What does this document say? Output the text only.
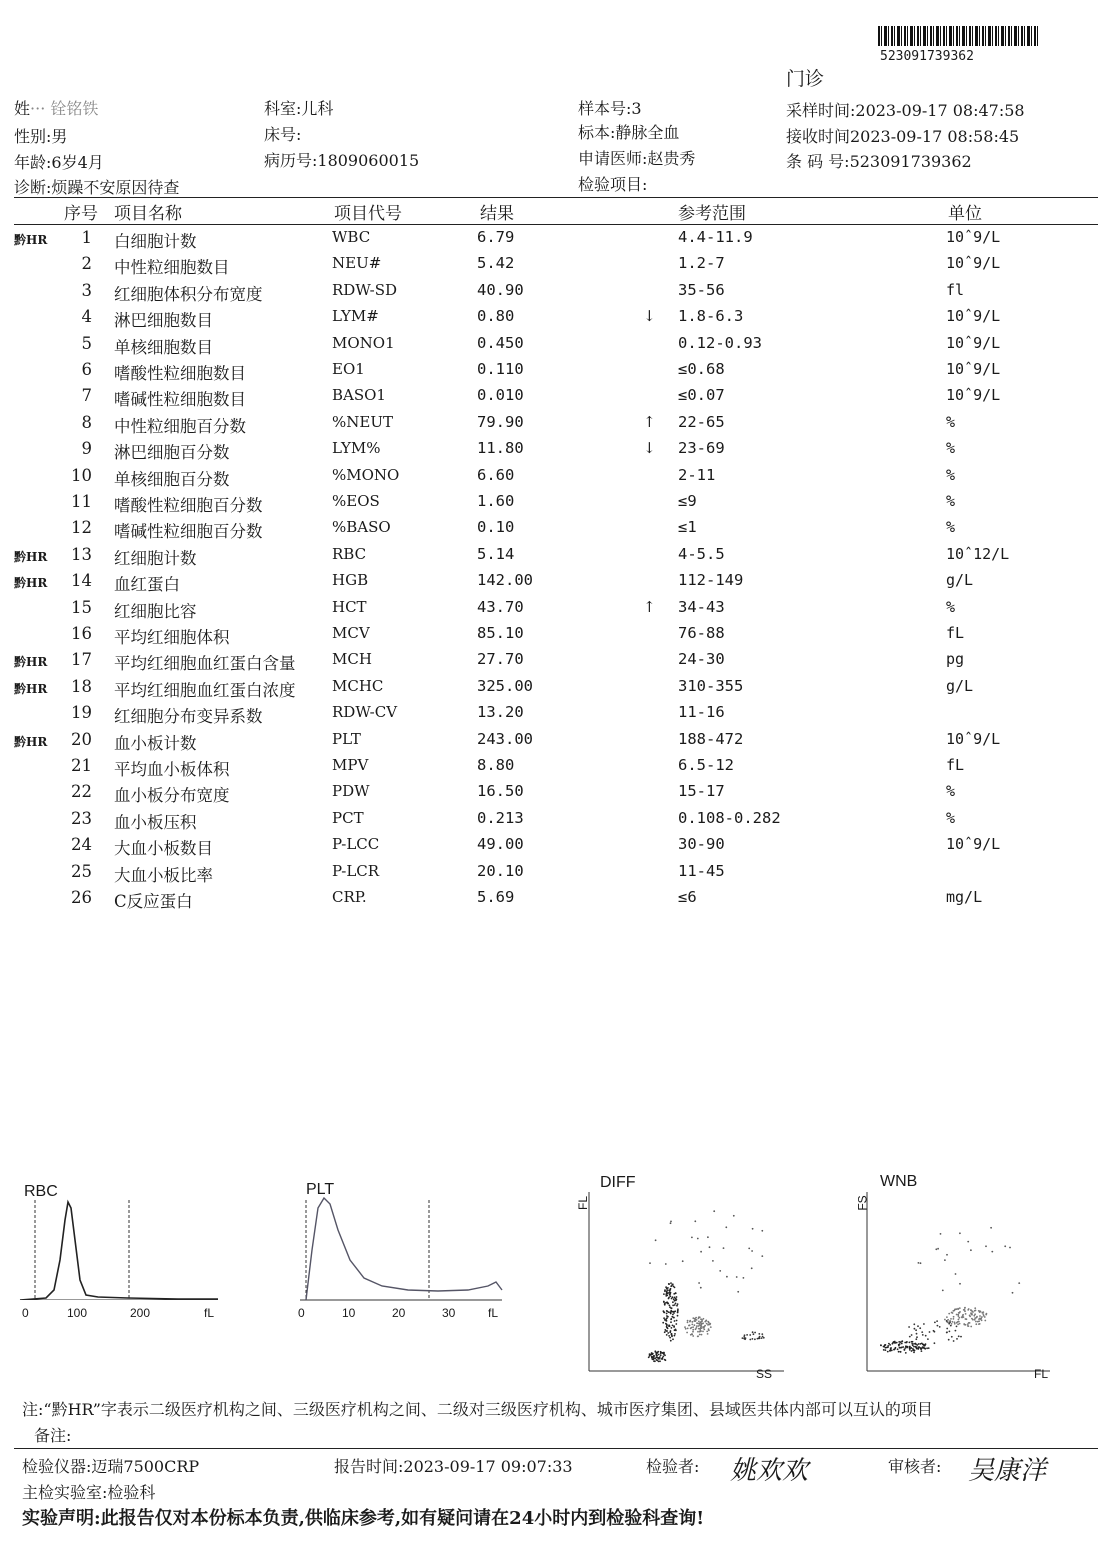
523091739362
门诊
姓··· 铨铭铁
性别:男
年龄:6岁4月
诊断:烦躁不安原因待查
科室:儿科
床号:
病历号:1809060015
样本号:3
标本:静脉全血
申请医师:赵贵秀
检验项目:
采样时间:2023-09-17 08:47:58
接收时间2023-09-17 08:58:45
条 码 号:523091739362
序号 项目名称	项目代号	结果	参考范围	单位
黔HR	1 白细胞计数	WBC	6.79	4.4-11.9	10ˆ9/L
2 中性粒细胞数目	NEU#	5.42	1.2-7	10ˆ9/L
3 红细胞体积分布宽度	RDW-SD	40.90	35-56	fl
4 淋巴细胞数目	LYM#	0.80	↓ 1.8-6.3	10ˆ9/L
5 单核细胞数目	MONO1	0.450	0.12-0.93	10ˆ9/L
6 嗜酸性粒细胞数目	EO1	0.110	≤0.68	10ˆ9/L
7 嗜碱性粒细胞数目	BASO1	0.010	≤0.07	10ˆ9/L
8 中性粒细胞百分数	%NEUT	79.90	↑ 22-65	%
9 淋巴细胞百分数	LYM%	11.80	↓ 23-69	%
10 单核细胞百分数	%MONO	6.60	2-11	%
11 嗜酸性粒细胞百分数	%EOS	1.60	≤9	%
12 嗜碱性粒细胞百分数	%BASO	0.10	≤1	%
黔HR 13 红细胞计数	RBC	5.14	4-5.5	10ˆ12/L
黔HR 14 血红蛋白	HGB	142.00	112-149	g/L
15 红细胞比容	HCT	43.70	↑ 34-43	%
16 平均红细胞体积	MCV	85.10	76-88	fL
黔HR 17 平均红细胞血红蛋白含量 MCH	27.70	24-30	pg
黔HR 18 平均红细胞血红蛋白浓度 MCHC	325.00	310-355	g/L
19 红细胞分布变异系数	RDW-CV	13.20	11-16
黔HR 20 血小板计数	PLT	243.00	188-472	10ˆ9/L
21 平均血小板体积	MPV	8.80	6.5-12	fL
22 血小板分布宽度	PDW	16.50	15-17	%
23 血小板压积	PCT	0.213	0.108-0.282	%
24 大血小板数目	P-LCC	49.00	30-90	10ˆ9/L
25 大血小板比率	P-LCR	20.10	11-45
26 C反应蛋白	CRP.	5.69	≤6	mg/L
RBC
0	100	200	fL
PLT
0	10	20	30	fL
DIFF
FL
SS
WNB
FS
FL
注:“黔HR”字表示二级医疗机构之间、三级医疗机构之间、二级对三级医疗机构、城市医疗集团、县域医共体内部可以互认的项目
备注:
检验仪器:迈瑞7500CRP	报告时间:2023-09-17 09:07:33	检验者: 姚欢欢	审核者: 吴康洋
主检实验室:检验科
实验声明:此报告仅对本份标本负责,供临床参考,如有疑问请在24小时内到检验科查询!
